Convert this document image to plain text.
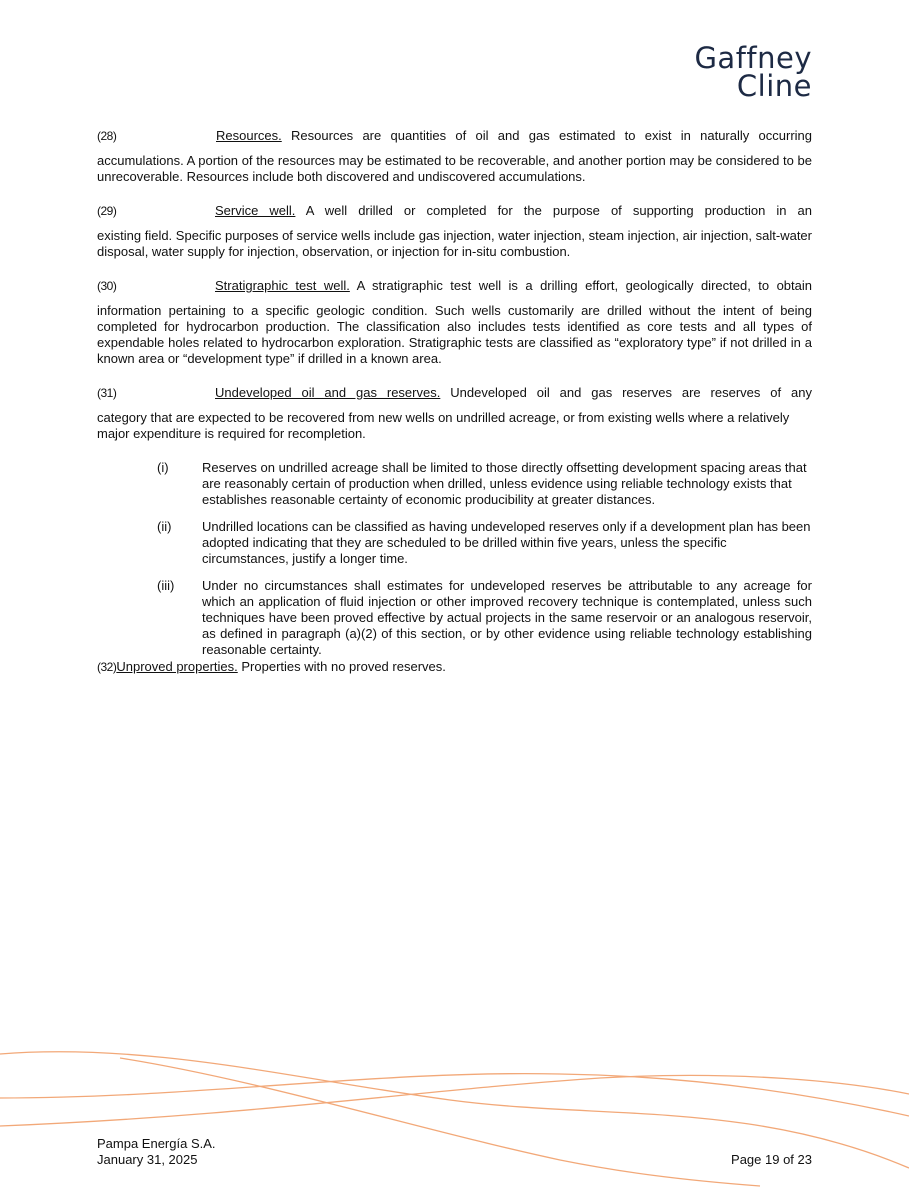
Gaffney
Cline
(28)	Resources. Resources are quantities of oil and gas estimated to exist in naturally occurring

accumulations. A portion of the resources may be estimated to be recoverable, and another portion may be considered to be unrecoverable. Resources include both discovered and undiscovered accumulations.

(29)	Service well. A well drilled or completed for the purpose of supporting production in an

existing field. Specific purposes of service wells include gas injection, water injection, steam injection, air injection, salt-water disposal, water supply for injection, observation, or injection for in-situ combustion.

(30)	Stratigraphic test well. A stratigraphic test well is a drilling effort, geologically directed, to obtain

information pertaining to a specific geologic condition. Such wells customarily are drilled without the intent of being completed for hydrocarbon production. The classification also includes tests identified as core tests and all types of expendable holes related to hydrocarbon exploration. Stratigraphic tests are classified as “exploratory type” if not drilled in a known area or “development type” if drilled in a known area.

(31)	Undeveloped oil and gas reserves. Undeveloped oil and gas reserves are reserves of any

category that are expected to be recovered from new wells on undrilled acreage, or from existing wells where a relatively major expenditure is required for recompletion.

(i)	Reserves on undrilled acreage shall be limited to those directly offsetting development spacing areas that are reasonably certain of production when drilled, unless evidence using reliable technology exists that establishes reasonable certainty of economic producibility at greater distances.
(ii)	Undrilled locations can be classified as having undeveloped reserves only if a development plan has been adopted indicating that they are scheduled to be drilled within five years, unless the specific circumstances, justify a longer time.
(iii)	Under no circumstances shall estimates for undeveloped reserves be attributable to any acreage for which an application of fluid injection or other improved recovery technique is contemplated, unless such techniques have been proved effective by actual projects in the same reservoir or an analogous reservoir, as defined in paragraph (a)(2) of this section, or by other evidence using reliable technology establishing reasonable certainty.
(32)Unproved properties. Properties with no proved reserves.
Pampa Energía S.A.
January 31, 2025	Page 19 of 23
